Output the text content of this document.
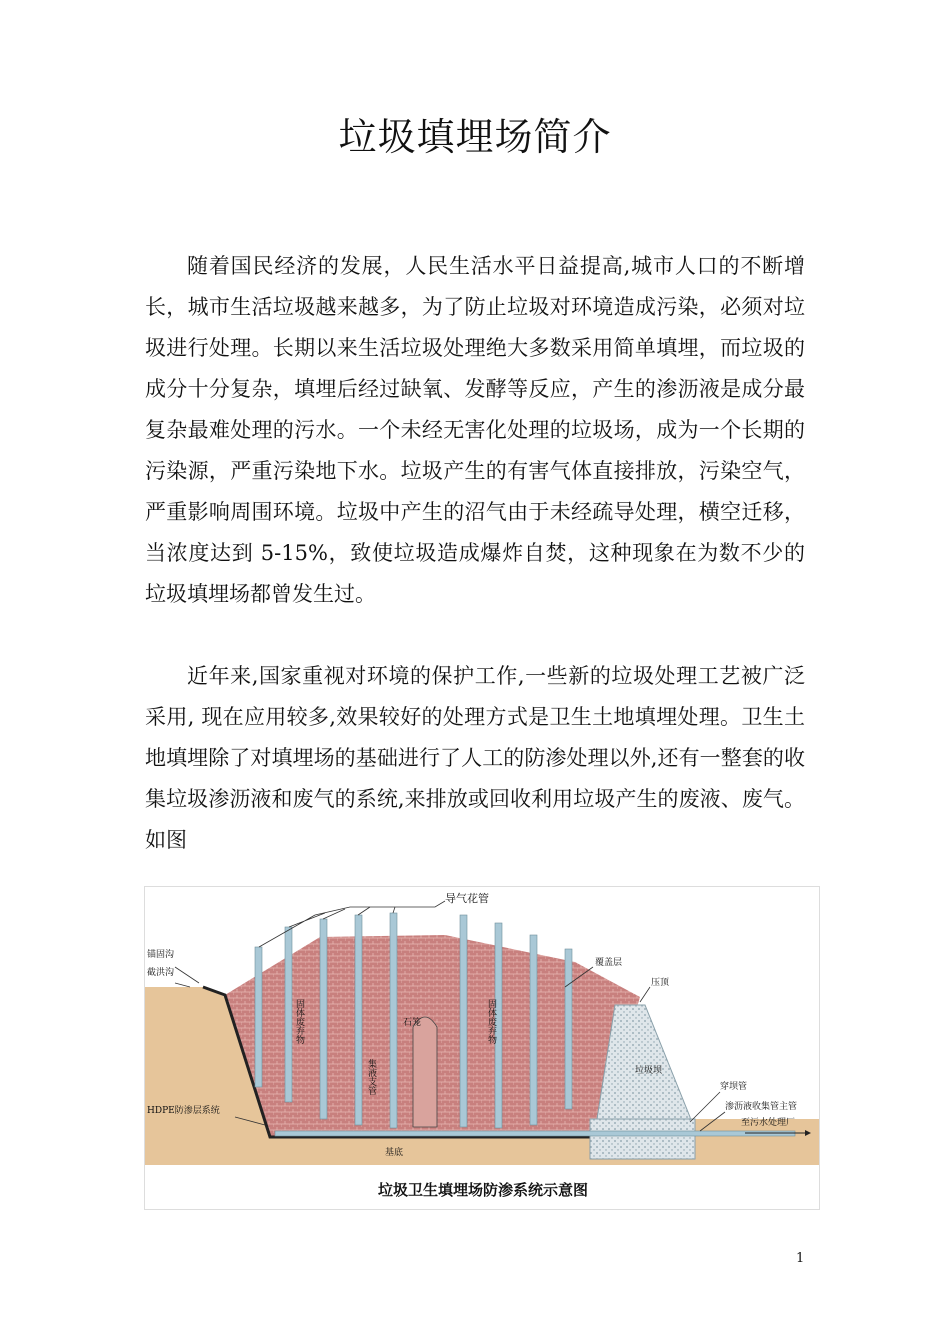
垃圾填埋场简介

随着国民经济的发展，人民生活水平日益提高,城市人口的不断增长，城市生活垃圾越来越多，为了防止垃圾对环境造成污染，必须对垃圾进行处理。长期以来生活垃圾处理绝大多数采用简单填埋，而垃圾的成分十分复杂，填埋后经过缺氧、发酵等反应，产生的渗沥液是成分最复杂最难处理的污水。一个未经无害化处理的垃圾场，成为一个长期的污染源，严重污染地下水。垃圾产生的有害气体直接排放，污染空气，严重影响周围环境。垃圾中产生的沼气由于未经疏导处理，横空迁移，当浓度达到 5-15%，致使垃圾造成爆炸自焚，这种现象在为数不少的垃圾填埋场都曾发生过。

近年来,国家重视对环境的保护工作,一些新的垃圾处理工艺被广泛采用, 现在应用较多,效果较好的处理方式是卫生土地填埋处理。卫生土地填埋除了对填埋场的基础进行了人工的防渗处理以外,还有一整套的收集垃圾渗沥液和废气的系统,来排放或回收利用垃圾产生的废液、废气。如图

导气花管
锚固沟
截洪沟
覆盖层
压顶
石笼
垃圾坝
穿坝管
渗沥液收集管主管
至污水处理厂
HDPE防渗层系统
基底
固体废弃物	固体废弃物
集液支管
垃圾卫生填埋场防渗系统示意图
1
